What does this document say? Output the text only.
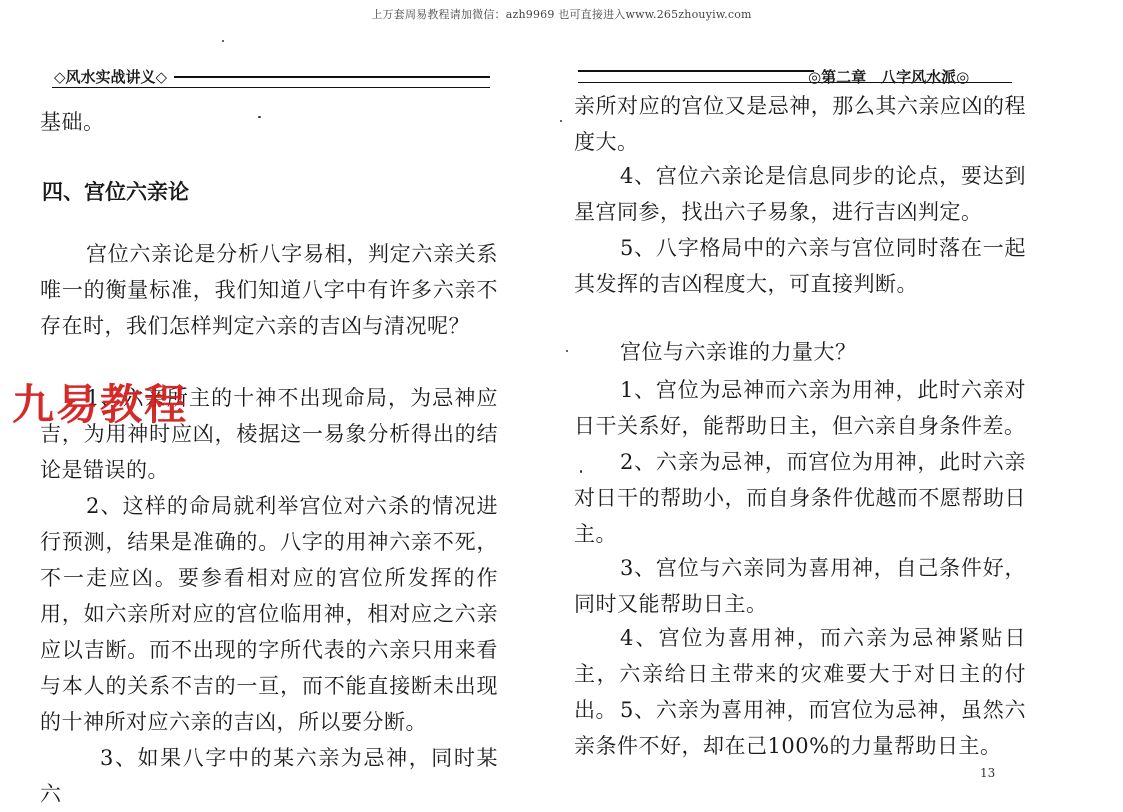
上万套周易教程请加微信：azh9969 也可直接进入www.265zhouyiw.com
◇风水实战讲义◇

基础。

四、宫位六亲论

宫位六亲论是分析八字易相，判定六亲关系唯一的衡量标准，我们知道八字中有许多六亲不存在时，我们怎样判定六亲的吉凶与清况呢？

1、六亲所主的十神不出现命局，为忌神应吉，为用神时应凶，棱据这一易象分析得出的结论是错误的。

2、这样的命局就利举宫位对六杀的情况进行预测，结果是准确的。八字的用神六亲不死，不一走应凶。要参看相对应的宫位所发挥的作用，如六亲所对应的宫位临用神，相对应之六亲应以吉断。而不出现的字所代表的六亲只用来看与本人的关系不吉的一亘，而不能直接断未出现的十神所对应六亲的吉凶，所以要分断。

3、如果八字中的某六亲为忌神，同时某六

九易教程
◎第二章　八字风水派◎

亲所对应的宫位又是忌神，那么其六亲应凶的程度大。

4、宫位六亲论是信息同步的论点，要达到星宫同参，找出六子易象，进行吉凶判定。

5、八字格局中的六亲与宫位同时落在一起其发挥的吉凶程度大，可直接判断。

宫位与六亲谁的力量大？

1、宫位为忌神而六亲为用神，此时六亲对日干关系好，能帮助日主，但六亲自身条件差。

2、六亲为忌神，而宫位为用神，此时六亲对日干的帮助小，而自身条件优越而不愿帮助日主。

3、宫位与六亲同为喜用神，自己条件好，同时又能帮助日主。

4、宫位为喜用神，而六亲为忌神紧贴日主，六亲给日主带来的灾难要大于对日主的付出。 5、六亲为喜用神，而宫位为忌神，虽然六亲条件不好，却在己100%的力量帮助日主。

13
